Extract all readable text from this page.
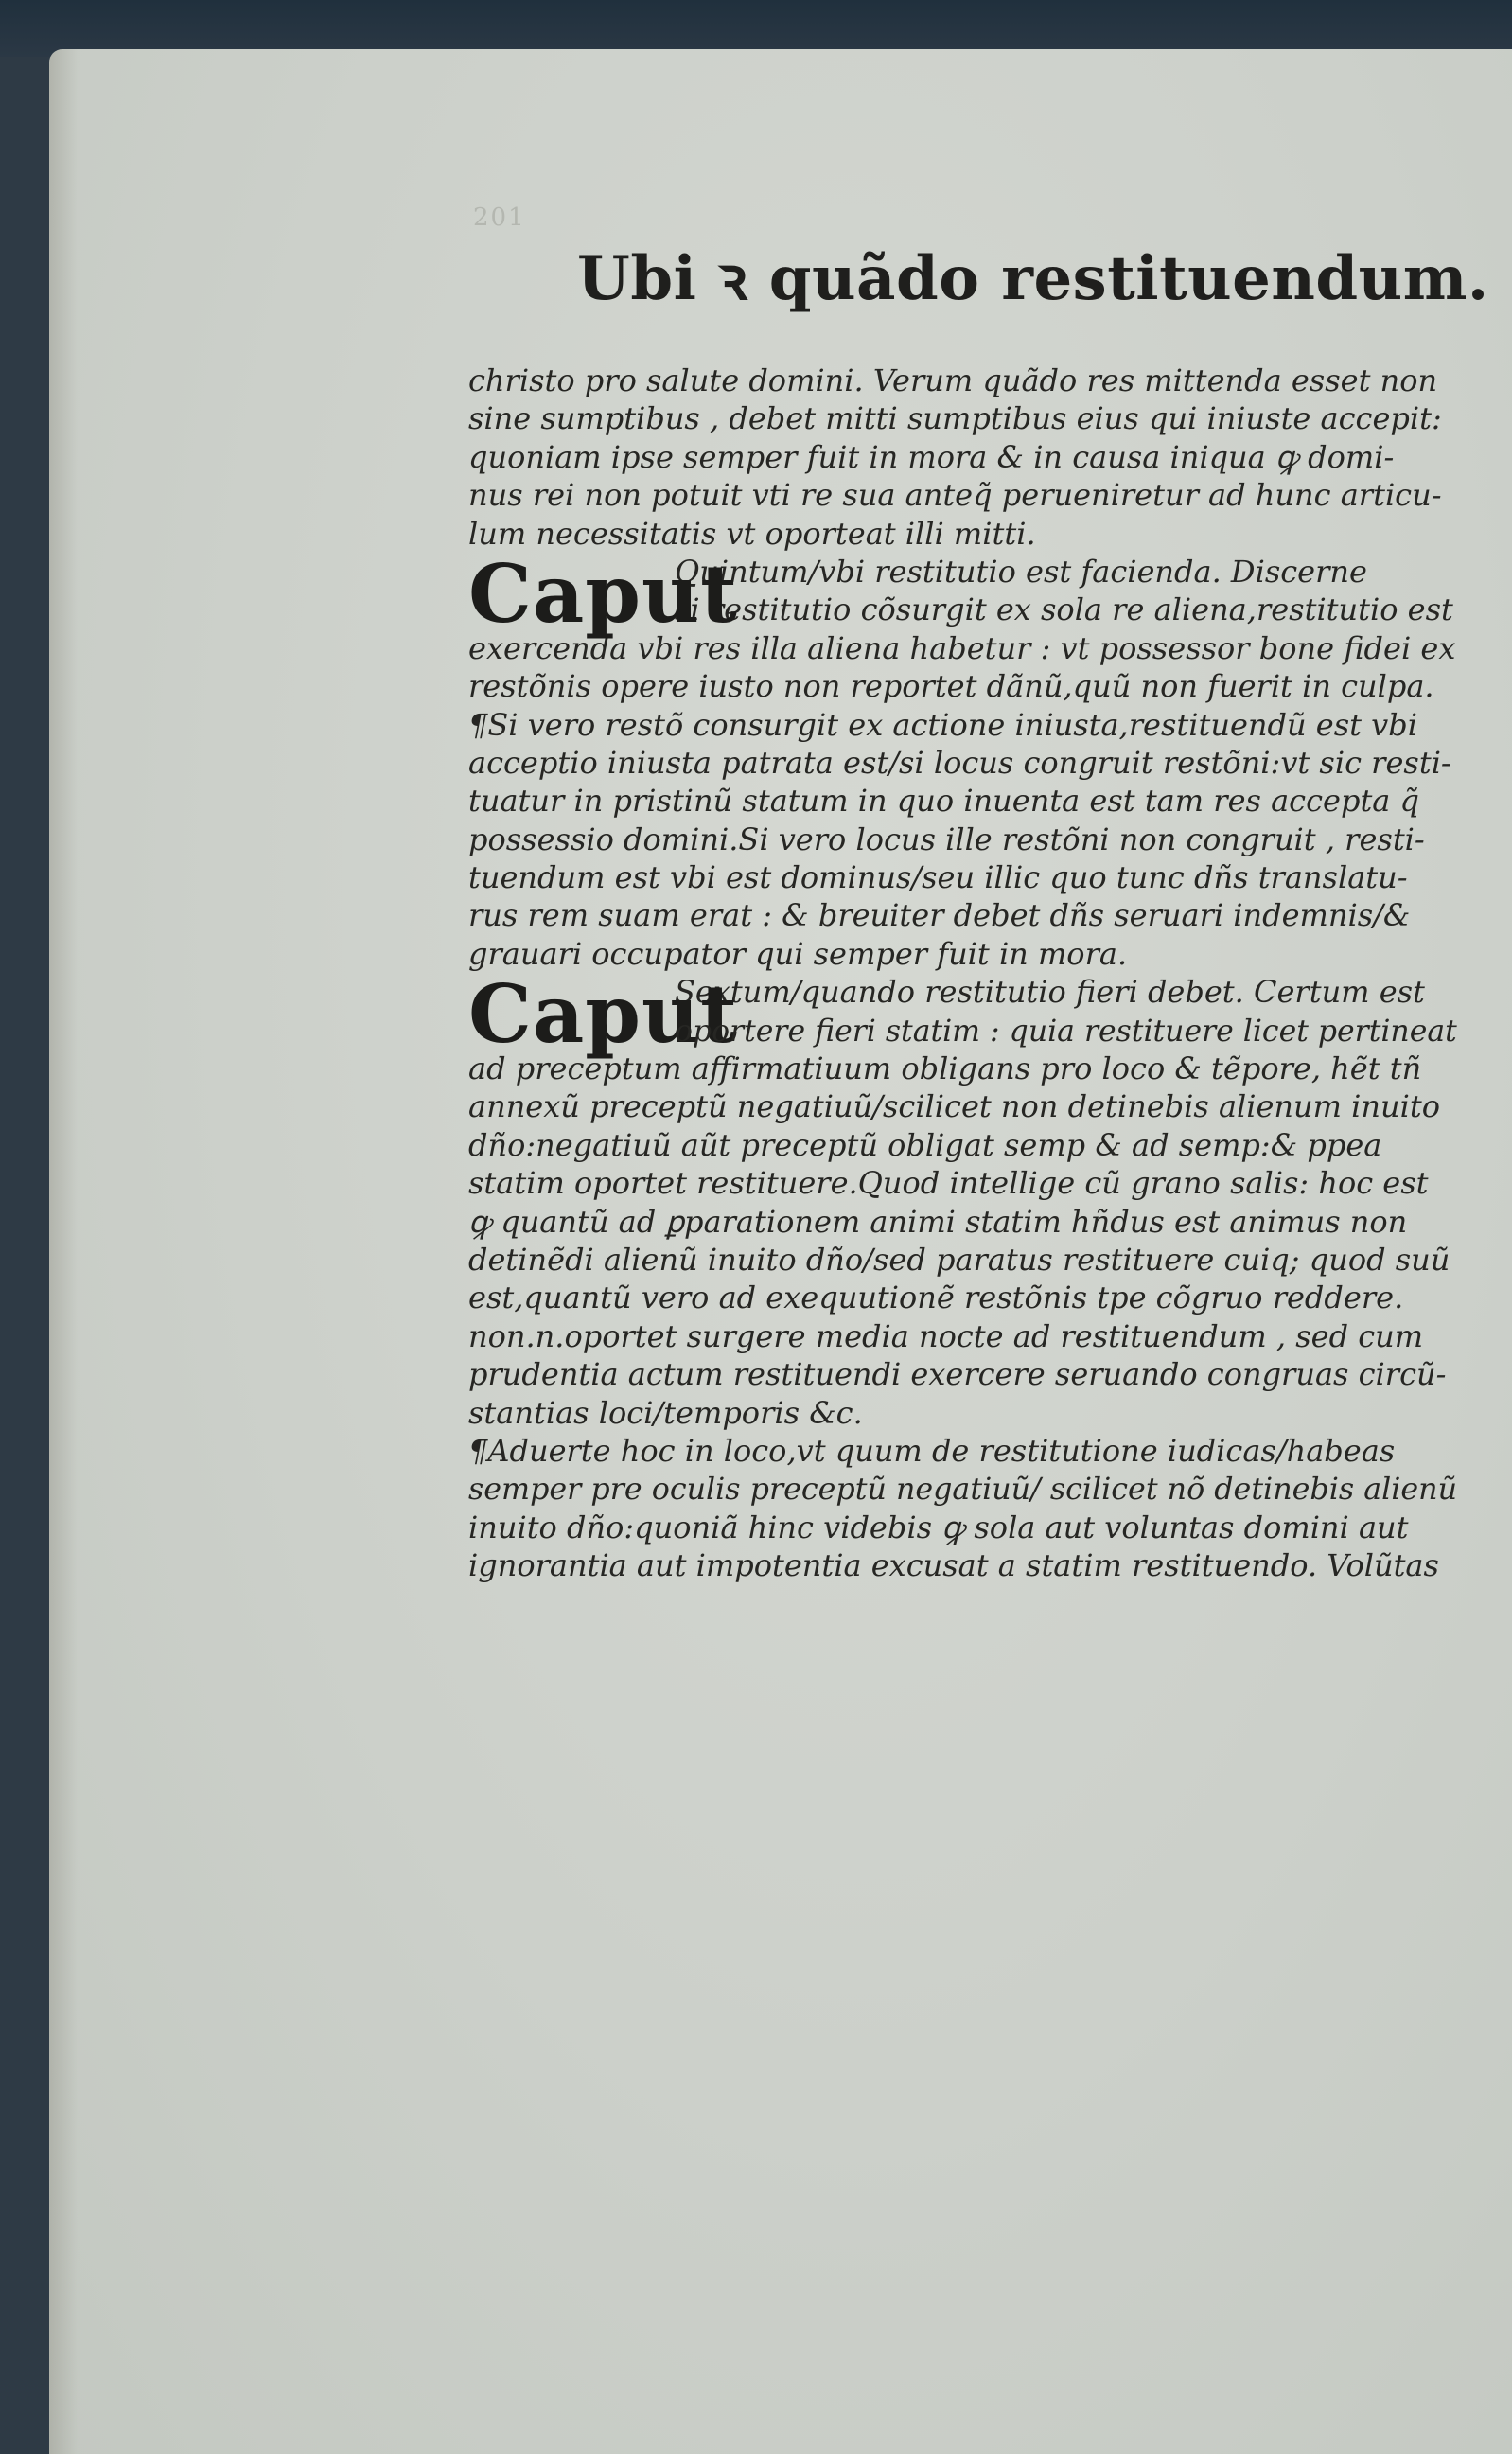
201
Ubi ꝛ quãdo restituendum.
christo pro salute domini. Verum quãdo res mittenda esset non
sine sumptibus , debet mitti sumptibus eius qui iniuste accepit:
quoniam ipse semper fuit in mora & in causa iniqua ꝙ domi-
nus rei non potuit vti re sua anteq̃ perueniretur ad hunc articu-
lum necessitatis vt oporteat illi mitti.
Caput
Quintum/vbi restitutio est facienda. Discerne
si restitutio cõsurgit ex sola re aliena,restitutio est
exercenda vbi res illa aliena habetur : vt possessor bone fidei ex
restõnis opere iusto non reportet dãnũ,quũ non fuerit in culpa.
¶Si vero restõ consurgit ex actione iniusta,restituendũ est vbi
acceptio iniusta patrata est/si locus congruit restõni:vt sic resti-
tuatur in pristinũ statum in quo inuenta est tam res accepta q̃
possessio domini.Si vero locus ille restõni non congruit , resti-
tuendum est vbi est dominus/seu illic quo tunc dñs translatu-
rus rem suam erat : & breuiter debet dñs seruari indemnis/&
grauari occupator qui semper fuit in mora.
Caput
Sextum/quando restitutio fieri debet. Certum est
oportere fieri statim : quia restituere licet pertineat
ad preceptum affirmatiuum obligans pro loco & tẽpore, hẽt tñ
annexũ preceptũ negatiuũ/scilicet non detinebis alienum inuito
dño:negatiuũ aũt preceptũ obligat semp & ad semp:& ppea
statim oportet restituere.Quod intellige cũ grano salis: hoc est
ꝙ quantũ ad ꝑparationem animi statim hñdus est animus non
detinẽdi alienũ inuito dño/sed paratus restituere cuiq; quod suũ
est,quantũ vero ad exequutionẽ restõnis tpe cõgruo reddere.
non.n.oportet surgere media nocte ad restituendum , sed cum
prudentia actum restituendi exercere seruando congruas circũ-
stantias loci/temporis &c.
¶Aduerte hoc in loco,vt quum de restitutione iudicas/habeas
semper pre oculis preceptũ negatiuũ/ scilicet nõ detinebis alienũ
inuito dño:quoniã hinc videbis ꝙ sola aut voluntas domini aut
ignorantia aut impotentia excusat a statim restituendo. Volũtas
